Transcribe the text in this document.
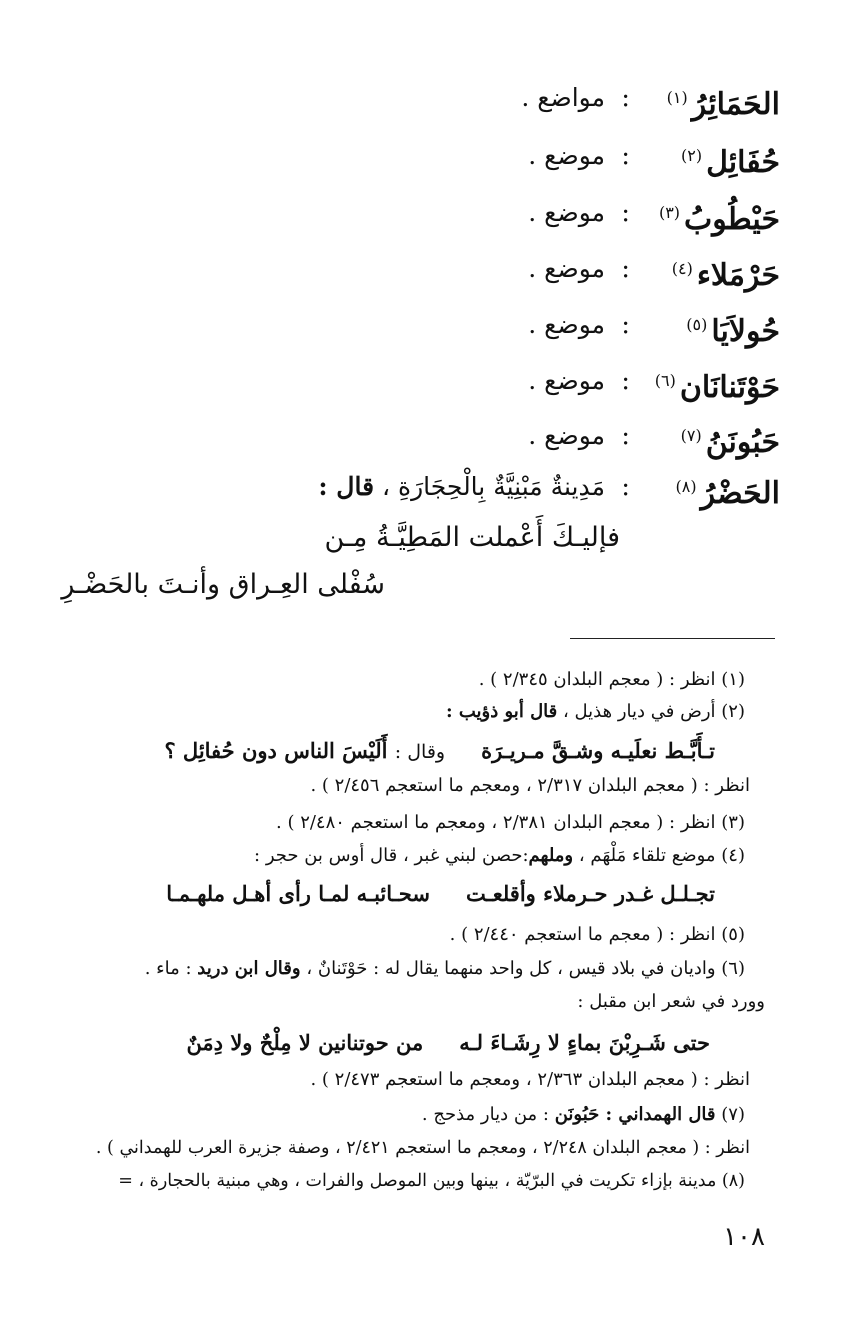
الحَمَائِرُ$^{(١)}$
:
مواضع .
حُفَائِل$^{(٢)}$
:
موضع .
حَيْطُوبُ$^{(٣)}$
:
موضع .
حَرْمَلاء$^{(٤)}$
:
موضع .
حُولاَيَا$^{(٥)}$
:
موضع .
حَوْتَنانَان$^{(٦)}$
:
موضع .
حَبُونَنُ$^{(٧)}$
:
موضع .
الحَضْرُ$^{(٨)}$
:
مَدِينةٌ مَبْنِيَّةٌ بِالْحِجَارَةِ ، قال :
فإليـكَ أَعْملت المَطِيَّـةُ مِـن
سُفْلى العِـراق وأنـتَ بالحَضْـرِ
(١) انظر : ( معجم البلدان ٢/٣٤٥ ) .
(٢) أرض في ديار هذيل ، قال أبو ذؤيب :
تـأَبَّـط نعلَيـه وشـقَّ مـريـرَةوقال : أَلَيْسَ الناس دون حُفائِل ؟
انظر : ( معجم البلدان ٢/٣١٧ ، ومعجم ما استعجم ٢/٤٥٦ ) .
(٣) انظر : ( معجم البلدان ٢/٣٨١ ، ومعجم ما استعجم ٢/٤٨٠ ) .
(٤) موضع تلقاء مَلْهَم ، وملهم:حصن لبني غبر ، قال أوس بن حجر :
تجـلـل غـدر حـرملاء وأقلعـتسحـائبـه لمـا رأى أهـل ملهـمـا
(٥) انظر : ( معجم ما استعجم ٢/٤٤٠ ) .
(٦) واديان في بلاد قيس ، كل واحد منهما يقال له : حَوْتَنانٌ ، وقال ابن دريد : ماء .
وورد في شعر ابن مقبل :
حتى شَـرِبْنَ بماءٍ لا رِشَـاءَ لـهمن حوتنانين لا مِلْحٌ ولا دِمَنٌ
انظر : ( معجم البلدان ٢/٣٦٣ ، ومعجم ما استعجم ٢/٤٧٣ ) .
(٧) قال الهمداني : حَبُونَن : من ديار مذحج .
انظر : ( معجم البلدان ٢/٢٤٨ ، ومعجم ما استعجم ٢/٤٢١ ، وصفة جزيرة العرب للهمداني ) .
(٨) مدينة بإزاء تكريت في البرّيّة ، بينها وبين الموصل والفرات ، وهي مبنية بالحجارة ، =
١٠٨
